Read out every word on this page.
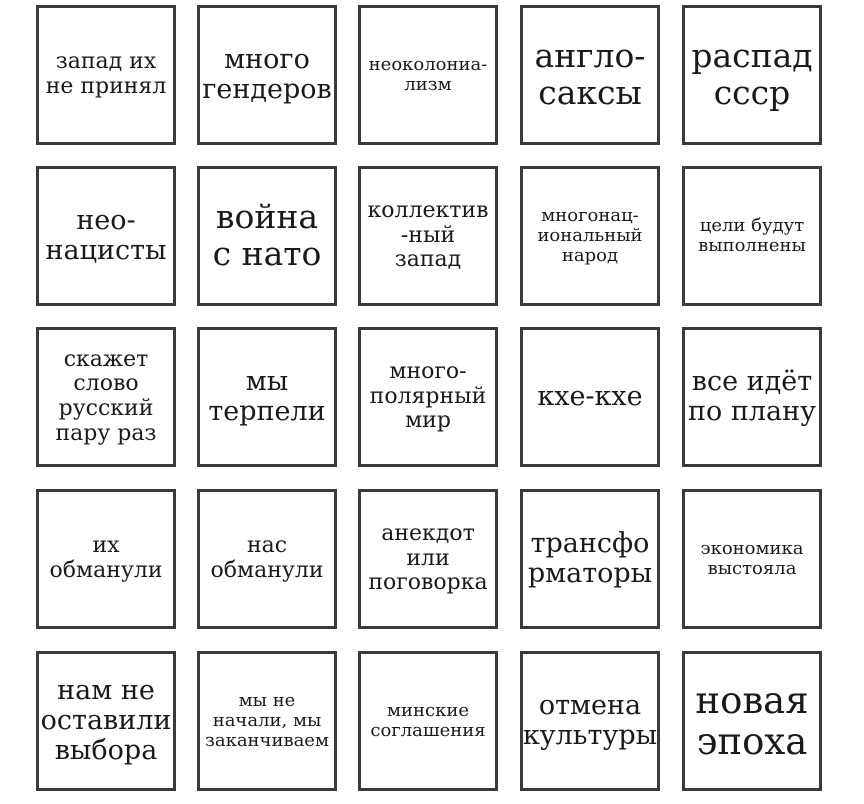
запад их
не принял
много
гендеров
неоколониа-
лизм
англо-
саксы
распад
сссp
нео-
нацисты
война
с нато
коллектив
-ный
запад
многонац-
иональный
народ
цели будут
выполнены
скажет
слово
русский
пару раз
мы
терпели
много-
полярный
мир
кхе-кхе все идёт
по плану
их
обманули
нас
обманули
анекдот
или
поговорка
трансфо
рматоры
экономика
выстояла
нам не
оставили
выбора
мы не
начали, мы
заканчиваем
минские
соглашения
отмена
культуры
новая
эпоха
